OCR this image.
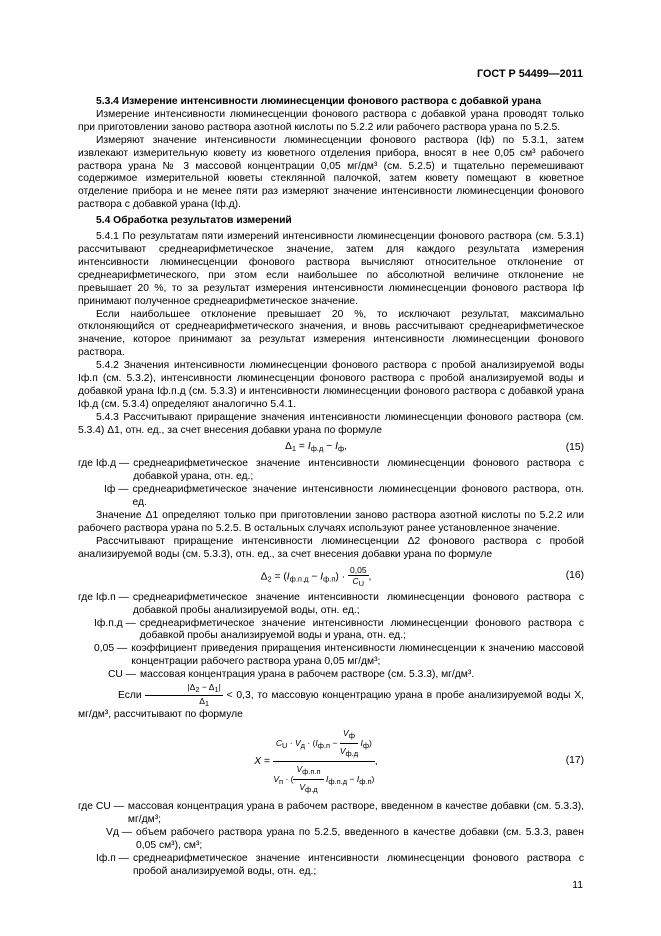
ГОСТ Р 54499—2011

5.3.4 Измерение интенсивности люминесценции фонового раствора с добавкой урана

Измерение интенсивности люминесценции фонового раствора с добавкой урана проводят только при приготовлении заново раствора азотной кислоты по 5.2.2 или рабочего раствора урана по 5.2.5.

Измеряют значение интенсивности люминесценции фонового раствора (Iф) по 5.3.1, затем извлекают измерительную кювету из кюветного отделения прибора, вносят в нее 0,05 см³ рабочего раствора урана № 3 массовой концентрации 0,05 мг/дм³ (см. 5.2.5) и тщательно перемешивают содержимое измерительной кюветы стеклянной палочкой, затем кювету помещают в кюветное отделение прибора и не менее пяти раз измеряют значение интенсивности люминесценции фонового раствора с добавкой урана (Iф.д).

5.4 Обработка результатов измерений

5.4.1 По результатам пяти измерений интенсивности люминесценции фонового раствора (см. 5.3.1) рассчитывают среднеарифметическое значение, затем для каждого результата измерения интенсивности люминесценции фонового раствора вычисляют относительное отклонение от среднеарифметического, при этом если наибольшее по абсолютной величине отклонение не превышает 20 %, то за результат измерения интенсивности люминесценции фонового раствора Iф принимают полученное среднеарифметическое значение.

Если наибольшее отклонение превышает 20 %, то исключают результат, максимально отклоняющийся от среднеарифметического значения, и вновь рассчитывают среднеарифметическое значение, которое принимают за результат измерения интенсивности люминесценции фонового раствора.

5.4.2 Значения интенсивности люминесценции фонового раствора с пробой анализируемой воды Iф.п (см. 5.3.2), интенсивности люминесценции фонового раствора с пробой анализируемой воды и добавкой урана Iф.п.д (см. 5.3.3) и интенсивности люминесценции фонового раствора с добавкой урана Iф.д (см. 5.3.4) определяют аналогично 5.4.1.

5.4.3 Рассчитывают приращение значения интенсивности люминесценции фонового раствора (см. 5.3.4) Δ1, отн. ед., за счет внесения добавки урана по формуле

$\Delta_1 = I_{ф.д} - I_ф$,	(15)
где Iф.д — среднеарифметическое значение интенсивности люминесценции фонового раствора с добавкой урана, отн. ед.;
Iф — среднеарифметическое значение интенсивности люминесценции фонового раствора, отн. ед.

Значение Δ1 определяют только при приготовлении заново раствора азотной кислоты по 5.2.2 или рабочего раствора урана по 5.2.5. В остальных случаях используют ранее установленное значение.

Рассчитывают приращение интенсивности люминесценции Δ2 фонового раствора с пробой анализируемой воды (см. 5.3.3), отн. ед., за счет внесения добавки урана по формуле

$\Delta_2 = (I_{ф.п.д} - I_{ф.п}) \cdot \frac{0,05}{C_U}$ ,	(16)
где Iф.п — среднеарифметическое значение интенсивности люминесценции фонового раствора с добавкой пробы анализируемой воды, отн. ед.;
Iф.п.д — среднеарифметическое значение интенсивности люминесценции фонового раствора с добавкой пробы анализируемой воды и урана, отн. ед.;
0,05 — коэффициент приведения приращения интенсивности люминесценции к значению массовой концентрации рабочего раствора урана 0,05 мг/дм³;
CU — массовая концентрация урана в рабочем растворе (см. 5.3.3), мг/дм³.

Если $\frac{|\Delta_2 - \Delta_1|}{\Delta_1} < 0,3$, то массовую концентрацию урана в пробе анализируемой воды X, мг/дм³, рассчитывают по формуле

$X = \frac{C_U \cdot V_д \cdot (I_{ф.п} - \frac{V_ф}{V_{ф.д}} I_ф)}{V_п \cdot ( \frac{V_{ф.п.п}}{V_{ф.д}} I_{ф.п.д} - I_{ф.п})}$ ,	(17)
где CU — массовая концентрация урана в рабочем растворе, введенном в качестве добавки (см. 5.3.3), мг/дм³;
Vд — объем рабочего раствора урана по 5.2.5, введенного в качестве добавки (см. 5.3.3, равен 0,05 см³), см³;
Iф.п — среднеарифметическое значение интенсивности люминесценции фонового раствора с пробой анализируемой воды, отн. ед.;
11
